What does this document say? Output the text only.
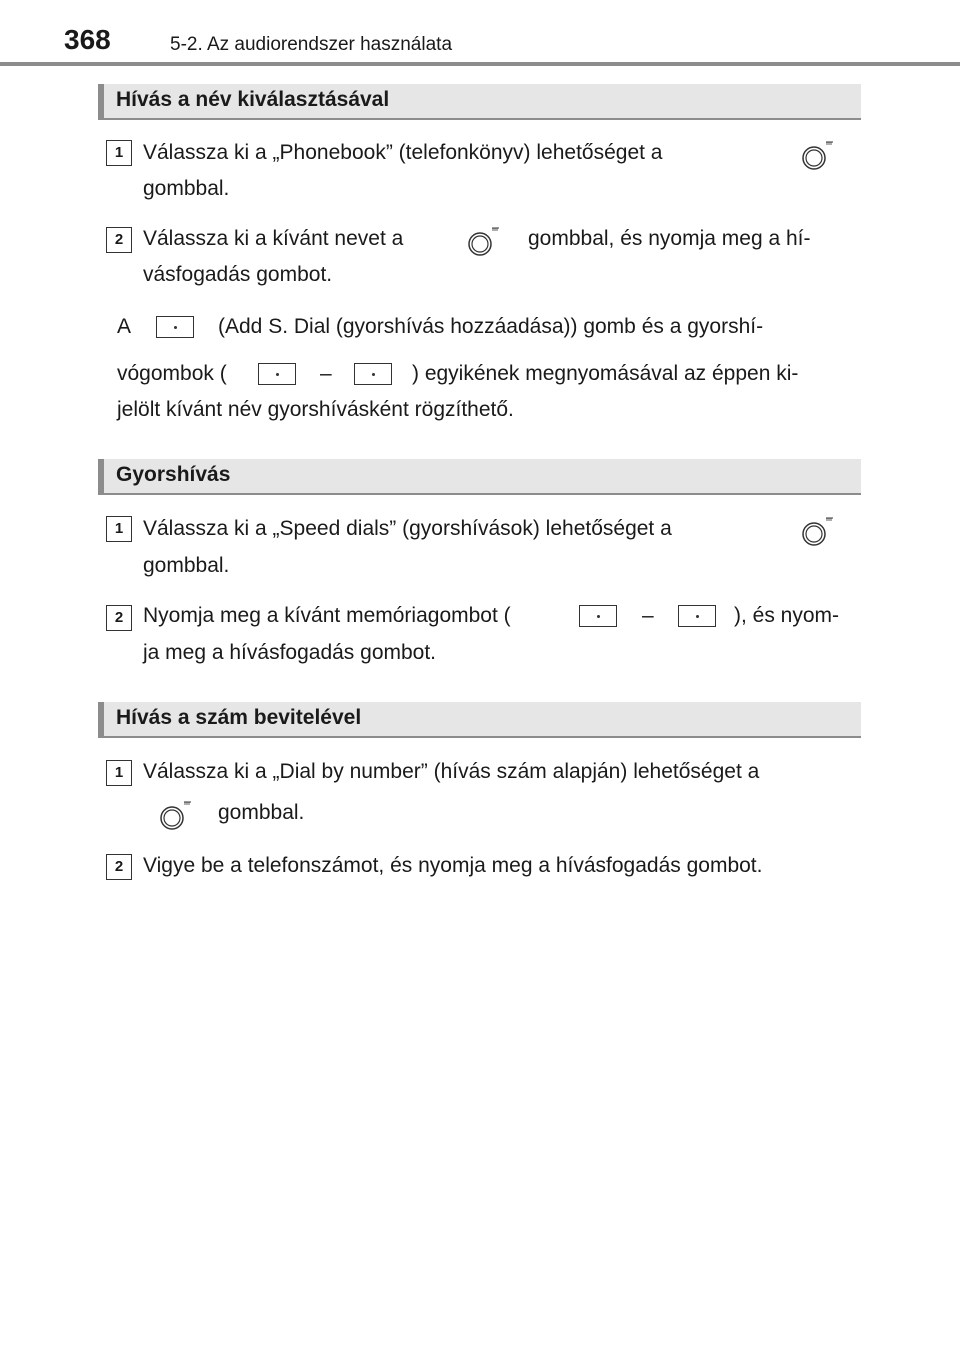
368	5-2. Az audiorendszer használata
Hívás a név kiválasztásával
1 Válassza ki a „Phonebook” (telefonkönyv) lehetőséget a
gombbal.
2 Válassza ki a kívánt nevet a	gombbal, és nyomja meg a hí-
vásfogadás gombot.
A	(Add S. Dial (gyorshívás hozzáadása)) gomb és a gyorshí-
vógombok (	–	) egyikének megnyomásával az éppen ki-
jelölt kívánt név gyorshívásként rögzíthető.
Gyorshívás
1 Válassza ki a „Speed dials” (gyorshívások) lehetőséget a
gombbal.
2 Nyomja meg a kívánt memóriagombot (	–	), és nyom-
ja meg a hívásfogadás gombot.
Hívás a szám bevitelével
1 Válassza ki a „Dial by number” (hívás szám alapján) lehetőséget a
gombbal.
2 Vigye be a telefonszámot, és nyomja meg a hívásfogadás gombot.
